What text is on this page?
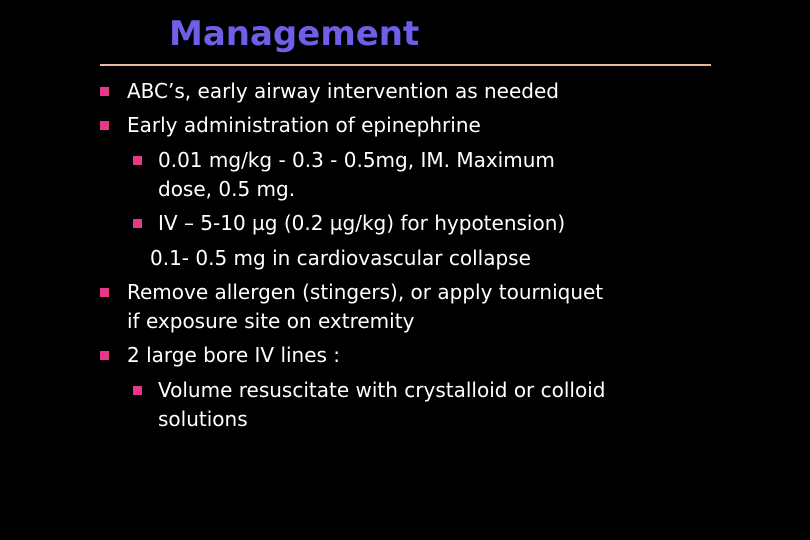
Management
ABC’s, early airway intervention as needed
Early administration of epinephrine
0.01 mg/kg - 0.3 - 0.5mg, IM. Maximum
dose, 0.5 mg.
IV – 5-10 µg (0.2 µg/kg) for hypotension)
0.1- 0.5 mg in cardiovascular collapse
Remove allergen (stingers), or apply tourniquet
if exposure site on extremity
2 large bore IV lines :
Volume resuscitate with crystalloid or colloid
solutions
